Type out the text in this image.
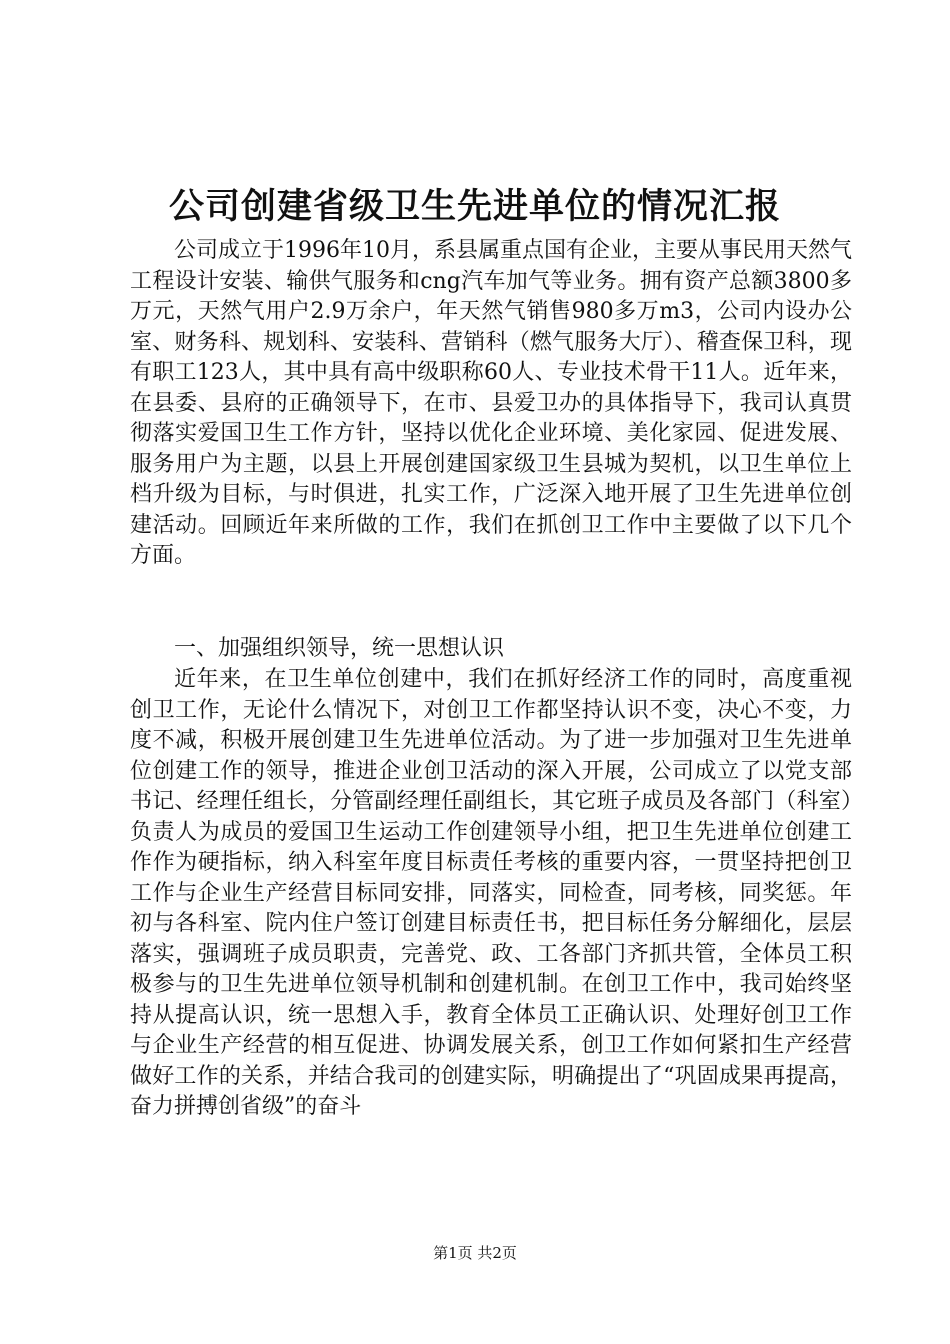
公司创建省级卫生先进单位的情况汇报

公司成立于1996年10月，系县属重点国有企业，主要从事民用天然气工程设计安装、输供气服务和cng汽车加气等业务。拥有资产总额3800多万元，天然气用户2.9万余户，年天然气销售980多万m3，公司内设办公室、财务科、规划科、安装科、营销科（燃气服务大厅）、稽查保卫科，现有职工123人，其中具有高中级职称60人、专业技术骨干11人。近年来，在县委、县府的正确领导下，在市、县爱卫办的具体指导下，我司认真贯彻落实爱国卫生工作方针，坚持以优化企业环境、美化家园、促进发展、服务用户为主题，以县上开展创建国家级卫生县城为契机，以卫生单位上档升级为目标，与时俱进，扎实工作，广泛深入地开展了卫生先进单位创建活动。回顾近年来所做的工作，我们在抓创卫工作中主要做了以下几个方面。

一、加强组织领导，统一思想认识

近年来，在卫生单位创建中，我们在抓好经济工作的同时，高度重视创卫工作，无论什么情况下，对创卫工作都坚持认识不变，决心不变，力度不减，积极开展创建卫生先进单位活动。为了进一步加强对卫生先进单位创建工作的领导，推进企业创卫活动的深入开展，公司成立了以党支部书记、经理任组长，分管副经理任副组长，其它班子成员及各部门（科室）负责人为成员的爱国卫生运动工作创建领导小组，把卫生先进单位创建工作作为硬指标，纳入科室年度目标责任考核的重要内容，一贯坚持把创卫工作与企业生产经营目标同安排，同落实，同检查，同考核，同奖惩。年初与各科室、院内住户签订创建目标责任书，把目标任务分解细化，层层落实，强调班子成员职责，完善党、政、工各部门齐抓共管，全体员工积极参与的卫生先进单位领导机制和创建机制。在创卫工作中，我司始终坚持从提高认识，统一思想入手，教育全体员工正确认识、处理好创卫工作与企业生产经营的相互促进、协调发展关系，创卫工作如何紧扣生产经营做好工作的关系，并结合我司的创建实际，明确提出了“巩固成果再提高，奋力拼搏创省级”的奋斗

第1页 共2页
